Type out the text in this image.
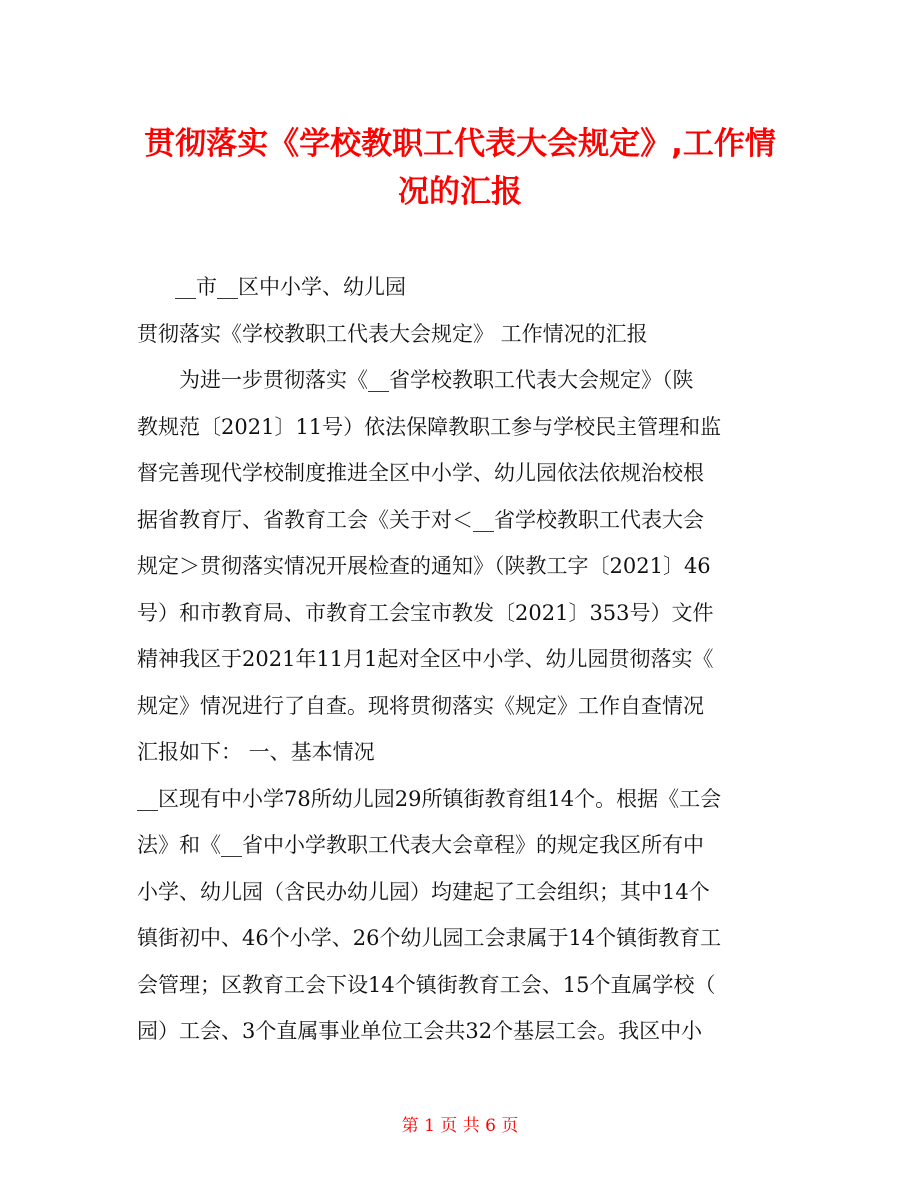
贯彻落实《学校教职工代表大会规定》,工作情
况的汇报
__市__区中小学、幼儿园
贯彻落实《学校教职工代表大会规定》 工作情况的汇报
为进一步贯彻落实《__省学校教职工代表大会规定》（陕
教规范〔2021〕11号）依法保障教职工参与学校民主管理和监
督完善现代学校制度推进全区中小学、幼儿园依法依规治校根
据省教育厅、省教育工会《关于对＜__省学校教职工代表大会
规定＞贯彻落实情况开展检查的通知》（陕教工字〔2021〕46
号）和市教育局、市教育工会宝市教发〔2021〕353号）文件
精神我区于2021年11月1起对全区中小学、幼儿园贯彻落实《
规定》情况进行了自查。现将贯彻落实《规定》工作自查情况
汇报如下： 一、基本情况
__区现有中小学78所幼儿园29所镇街教育组14个。根据《工会
法》和《__省中小学教职工代表大会章程》的规定我区所有中
小学、幼儿园（含民办幼儿园）均建起了工会组织；其中14个
镇街初中、46个小学、26个幼儿园工会隶属于14个镇街教育工
会管理；区教育工会下设14个镇街教育工会、15个直属学校（
园）工会、3个直属事业单位工会共32个基层工会。我区中小
第 1 页 共 6 页
